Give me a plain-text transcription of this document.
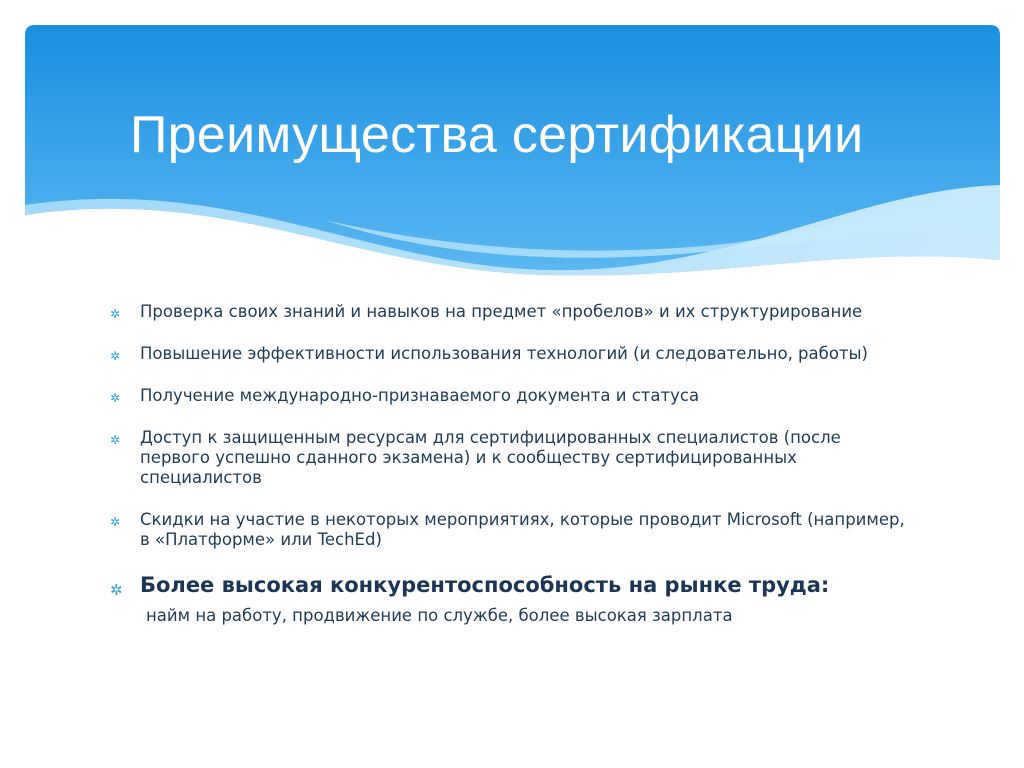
Преимущества сертификации
✲ Проверка своих знаний и навыков на предмет «пробелов» и их структурирование
✲ Повышение эффективности использования технологий (и следовательно, работы)
✲ Получение международно-признаваемого документа и статуса
✲ Доступ к защищенным ресурсам для сертифицированных специалистов (после первого успешно сданного экзамена) и к сообществу сертифицированных специалистов
✲ Скидки на участие в некоторых мероприятиях, которые проводит Microsoft (например, в «Платформе» или TechEd)
✲ Более высокая конкурентоспособность на рынке труда:
найм на работу, продвижение по службе, более высокая зарплата
